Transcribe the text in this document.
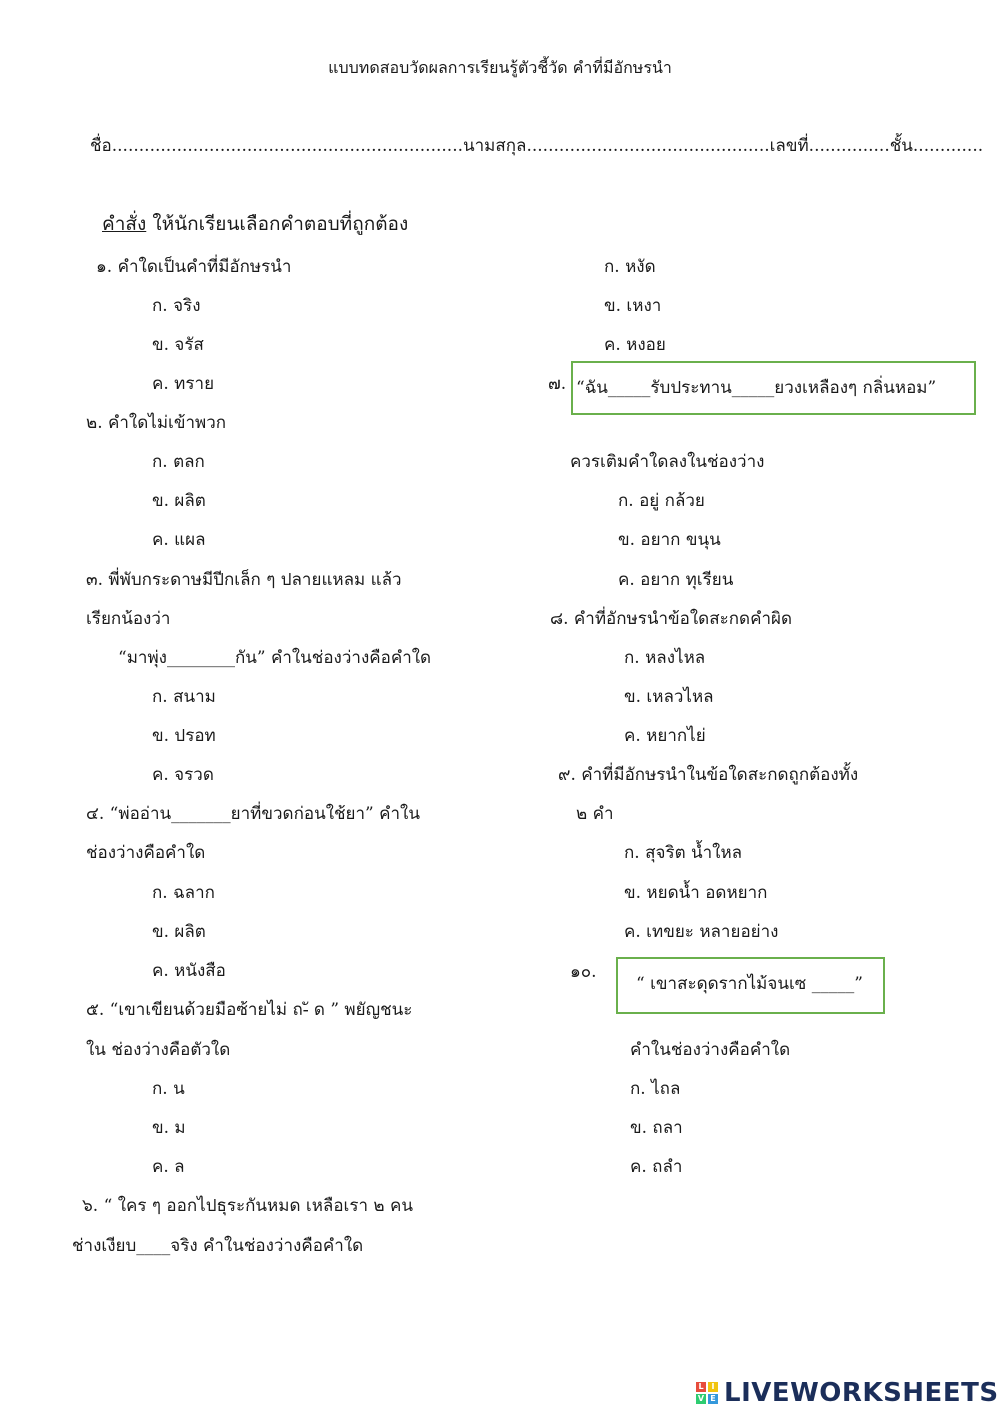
แบบทดสอบวัดผลการเรียนรู้ตัวชี้วัด คำที่มีอักษรนำ
ชื่อ.................................................................นามสกุล.............................................เลขที่...............ชั้น.............
คำสั่ง ให้นักเรียนเลือกคำตอบที่ถูกต้อง
๑. คำใดเป็นคำที่มีอักษรนำ
ก. จริง
ข. จรัส
ค. ทราย
๒. คำใดไม่เข้าพวก
ก. ตลก
ข. ผลิต
ค. แผล
๓. พี่พับกระดาษมีปีกเล็ก ๆ ปลายแหลม แล้ว
เรียกน้องว่า
“มาพุ่ง________กัน” คำในช่องว่างคือคำใด
ก. สนาม
ข. ปรอท
ค. จรวด
๔. “พ่ออ่าน_______ยาที่ขวดก่อนใช้ยา” คำใน
ช่องว่างคือคำใด
ก. ฉลาก
ข. ผลิต
ค. หนังสือ
๕. “เขาเขียนด้วยมือซ้ายไม่ ถ-ั ด ” พยัญชนะ
ใน ช่องว่างคือตัวใด
ก. น
ข. ม
ค. ล
๖. “ ใคร ๆ ออกไปธุระกันหมด เหลือเรา ๒ คน
ช่างเงียบ____จริง คำในช่องว่างคือคำใด
ก. หงัด
ข. เหงา
ค. หงอย
๗. “ฉัน_____รับประทาน_____ยวงเหลืองๆ กลิ่นหอม”
ควรเติมคำใดลงในช่องว่าง
ก. อยู่ กล้วย
ข. อยาก ขนุน
ค. อยาก ทุเรียน
๘. คำที่อักษรนำข้อใดสะกดคำผิด
ก. หลงไหล
ข. เหลวไหล
ค. หยากไย่
๙. คำที่มีอักษรนำในข้อใดสะกดถูกต้องทั้ง
๒ คำ
ก. สุจริต น้ำใหล
ข. หยดน้ำ อดหยาก
ค. เทขยะ หลายอย่าง
๑๐.
“ เขาสะดุดรากไม้จนเซ _____”
คำในช่องว่างคือคำใด
ก. ไถล
ข. ถลา
ค. ถลำ
L I
V E LIVEWORKSHEETS
